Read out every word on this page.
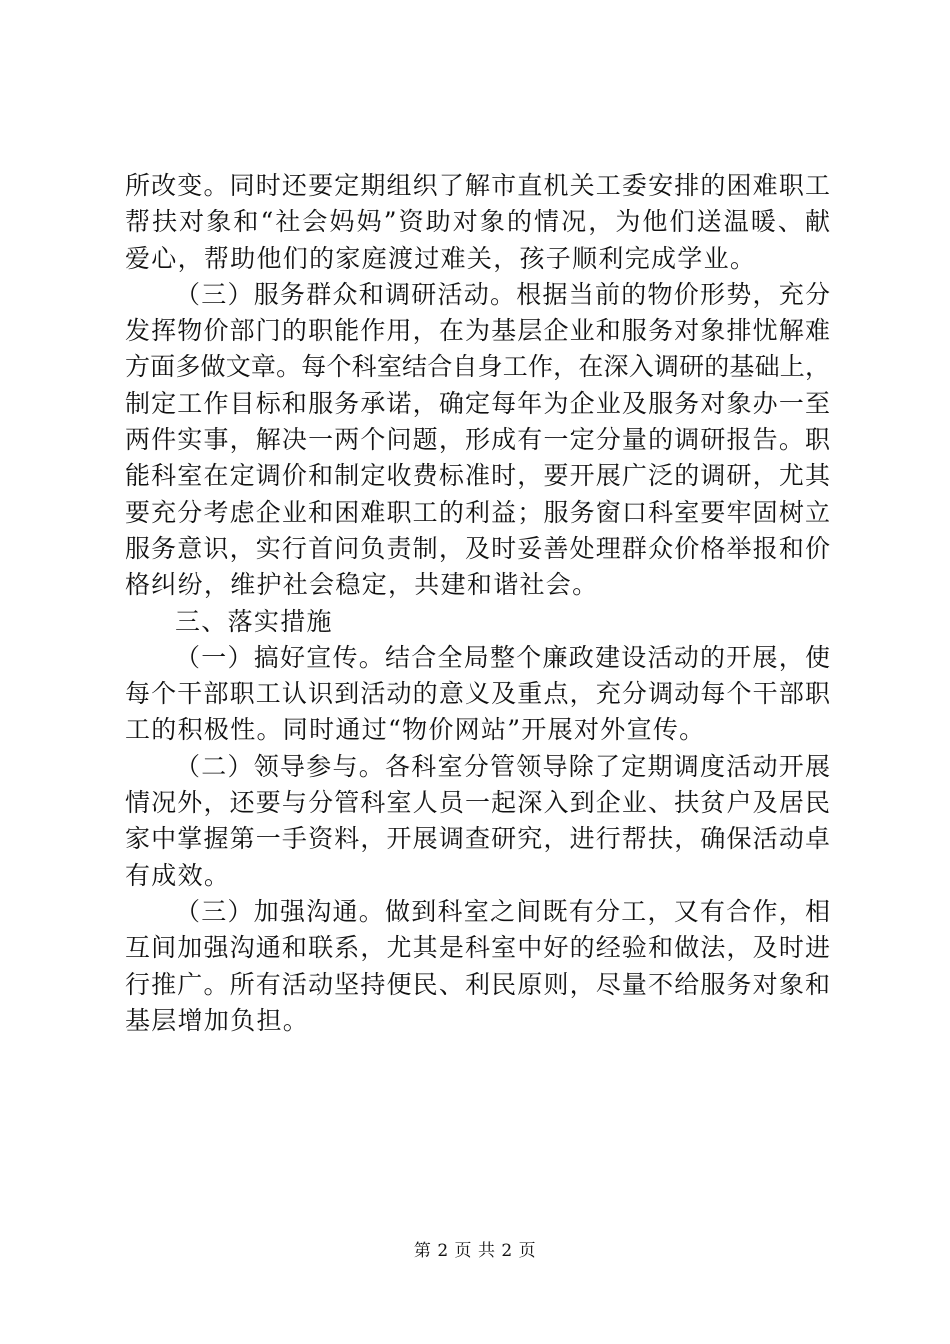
所改变。同时还要定期组织了解市直机关工委安排的困难职工
帮扶对象和“社会妈妈”资助对象的情况，为他们送温暖、献
爱心，帮助他们的家庭渡过难关，孩子顺利完成学业。
（三）服务群众和调研活动。根据当前的物价形势，充分
发挥物价部门的职能作用，在为基层企业和服务对象排忧解难
方面多做文章。每个科室结合自身工作，在深入调研的基础上，
制定工作目标和服务承诺，确定每年为企业及服务对象办一至
两件实事，解决一两个问题，形成有一定分量的调研报告。职
能科室在定调价和制定收费标准时，要开展广泛的调研，尤其
要充分考虑企业和困难职工的利益；服务窗口科室要牢固树立
服务意识，实行首问负责制，及时妥善处理群众价格举报和价
格纠纷，维护社会稳定，共建和谐社会。
三、落实措施
（一）搞好宣传。结合全局整个廉政建设活动的开展，使
每个干部职工认识到活动的意义及重点，充分调动每个干部职
工的积极性。同时通过“物价网站”开展对外宣传。
（二）领导参与。各科室分管领导除了定期调度活动开展
情况外，还要与分管科室人员一起深入到企业、扶贫户及居民
家中掌握第一手资料，开展调查研究，进行帮扶，确保活动卓
有成效。
（三）加强沟通。做到科室之间既有分工，又有合作，相
互间加强沟通和联系，尤其是科室中好的经验和做法，及时进
行推广。所有活动坚持便民、利民原则，尽量不给服务对象和
基层增加负担。
第 2 页 共 2 页
